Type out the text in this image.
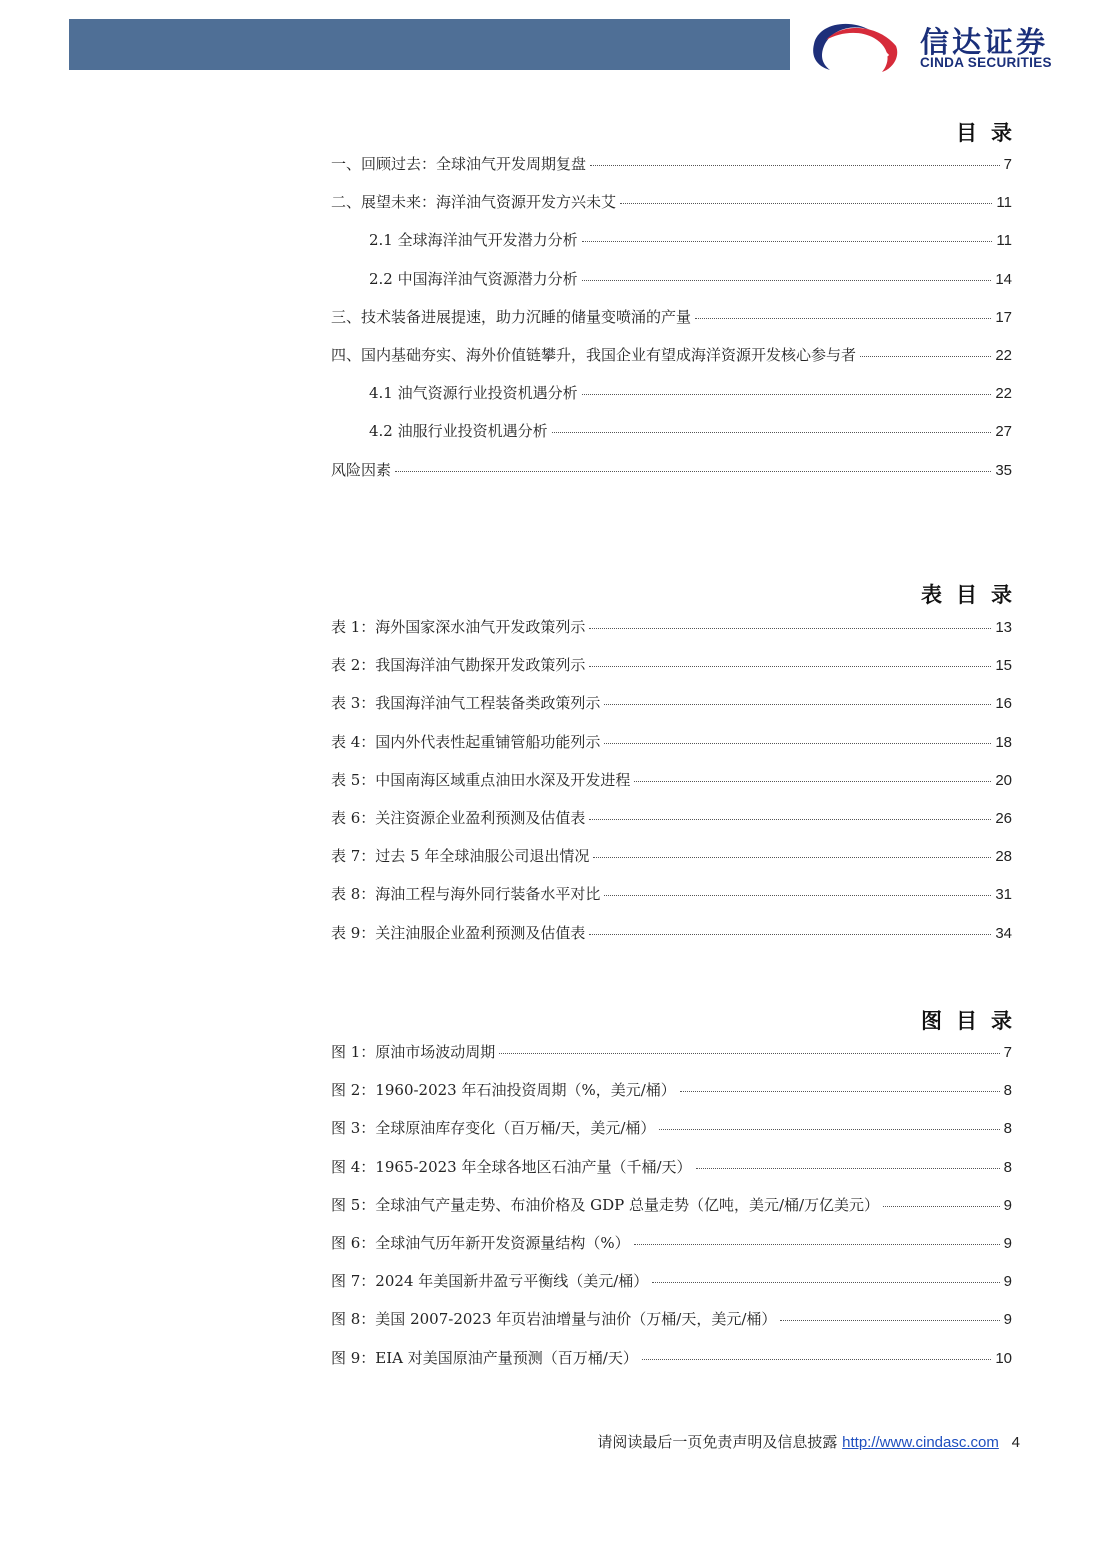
信达证券
CINDA SECURITIES
目录
一、回顾过去：全球油气开发周期复盘	7
二、展望未来：海洋油气资源开发方兴未艾	11
2.1 全球海洋油气开发潜力分析	11
2.2 中国海洋油气资源潜力分析	14
三、技术装备进展提速，助力沉睡的储量变喷涌的产量	17
四、国内基础夯实、海外价值链攀升，我国企业有望成海洋资源开发核心参与者	22
4.1 油气资源行业投资机遇分析	22
4.2 油服行业投资机遇分析	27
风险因素	35
表目录
表 1：海外国家深水油气开发政策列示	13
表 2：我国海洋油气勘探开发政策列示	15
表 3：我国海洋油气工程装备类政策列示	16
表 4：国内外代表性起重铺管船功能列示	18
表 5：中国南海区域重点油田水深及开发进程	20
表 6：关注资源企业盈利预测及估值表	26
表 7：过去 5 年全球油服公司退出情况	28
表 8：海油工程与海外同行装备水平对比	31
表 9：关注油服企业盈利预测及估值表	34
图目录
图 1：原油市场波动周期	7
图 2：1960-2023 年石油投资周期（%，美元/桶）	8
图 3：全球原油库存变化（百万桶/天，美元/桶）	8
图 4：1965-2023 年全球各地区石油产量（千桶/天）	8
图 5：全球油气产量走势、布油价格及 GDP 总量走势（亿吨，美元/桶/万亿美元）	9
图 6：全球油气历年新开发资源量结构（%）	9
图 7：2024 年美国新井盈亏平衡线（美元/桶）	9
图 8：美国 2007-2023 年页岩油增量与油价（万桶/天，美元/桶）	9
图 9：EIA 对美国原油产量预测（百万桶/天）	10
请阅读最后一页免责声明及信息披露 http://www.cindasc.com 4
